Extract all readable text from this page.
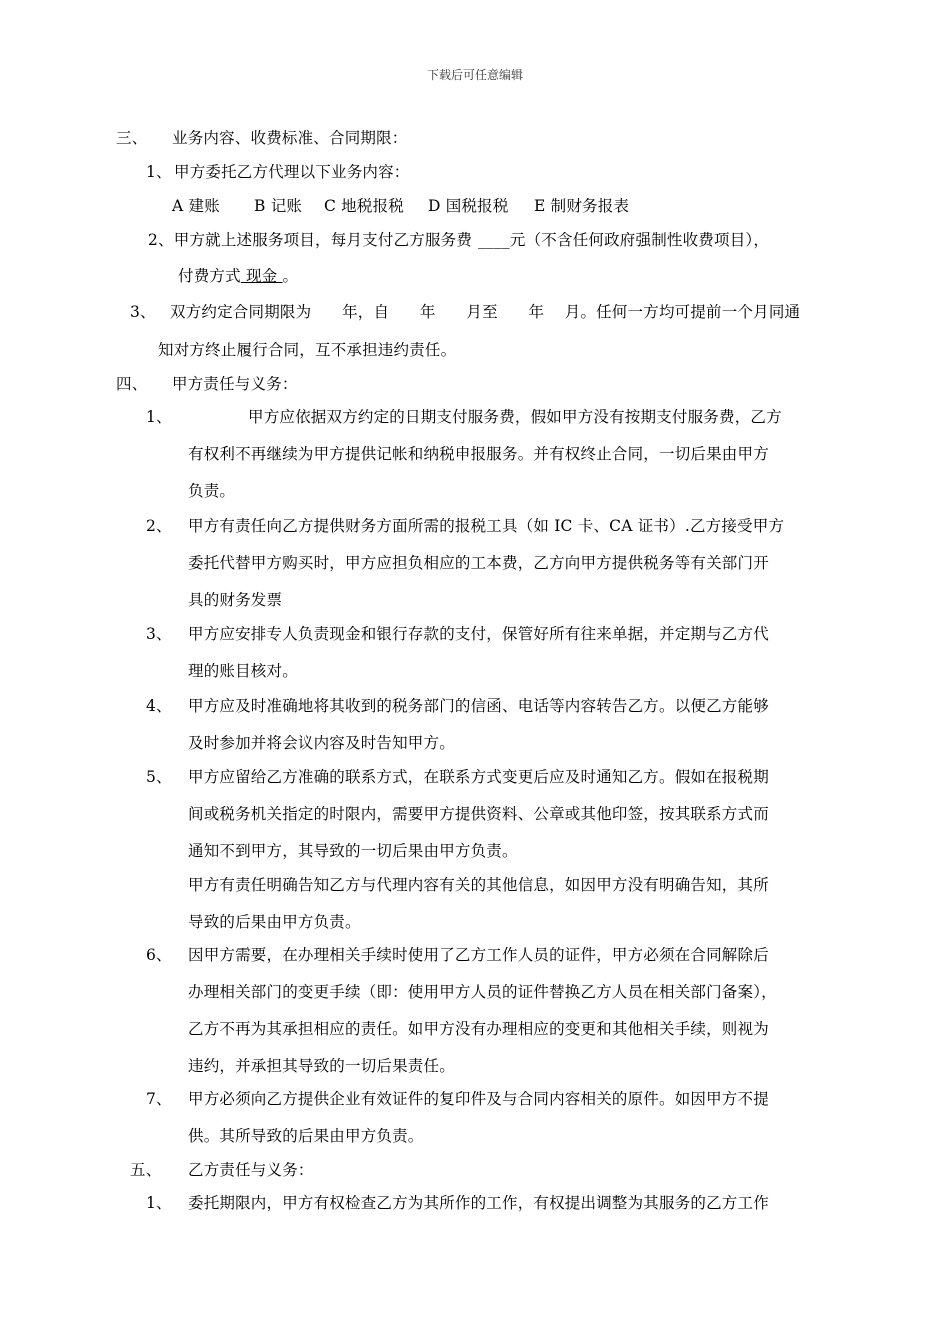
下载后可任意编辑
三、 业务内容、收费标准、合同期限：
1、 甲方委托乙方代理以下业务内容：
A 建账 B 记账 C 地税报税 D 国税报税 E 制财务报表
2、甲方就上述服务项目，每月支付乙方服务费 ____元（不含任何政府强制性收费项目），
付费方式 现金 。
3、 双方约定合同期限为      年，自      年      月至      年    月。任何一方均可提前一个月同通
知对方终止履行合同，互不承担违约责任。
四、 甲方责任与义务：
1、	甲方应依据双方约定的日期支付服务费，假如甲方没有按期支付服务费，乙方
有权利不再继续为甲方提供记帐和纳税申报服务。并有权终止合同，一切后果由甲方
负责。
2、 甲方有责任向乙方提供财务方面所需的报税工具（如 IC 卡、CA 证书）.乙方接受甲方
委托代替甲方购买时，甲方应担负相应的工本费，乙方向甲方提供税务等有关部门开
具的财务发票
3、 甲方应安排专人负责现金和银行存款的支付，保管好所有往来单据，并定期与乙方代
理的账目核对。
4、 甲方应及时准确地将其收到的税务部门的信函、电话等内容转告乙方。以便乙方能够
及时参加并将会议内容及时告知甲方。
5、 甲方应留给乙方准确的联系方式，在联系方式变更后应及时通知乙方。假如在报税期
间或税务机关指定的时限内，需要甲方提供资料、公章或其他印签，按其联系方式而
通知不到甲方，其导致的一切后果由甲方负责。
甲方有责任明确告知乙方与代理内容有关的其他信息，如因甲方没有明确告知，其所
导致的后果由甲方负责。
6、 因甲方需要，在办理相关手续时使用了乙方工作人员的证件，甲方必须在合同解除后
办理相关部门的变更手续（即：使用甲方人员的证件替换乙方人员在相关部门备案），
乙方不再为其承担相应的责任。如甲方没有办理相应的变更和其他相关手续，则视为
违约，并承担其导致的一切后果责任。
7、 甲方必须向乙方提供企业有效证件的复印件及与合同内容相关的原件。如因甲方不提
供。其所导致的后果由甲方负责。
五、 乙方责任与义务：
1、 委托期限内，甲方有权检查乙方为其所作的工作，有权提出调整为其服务的乙方工作
